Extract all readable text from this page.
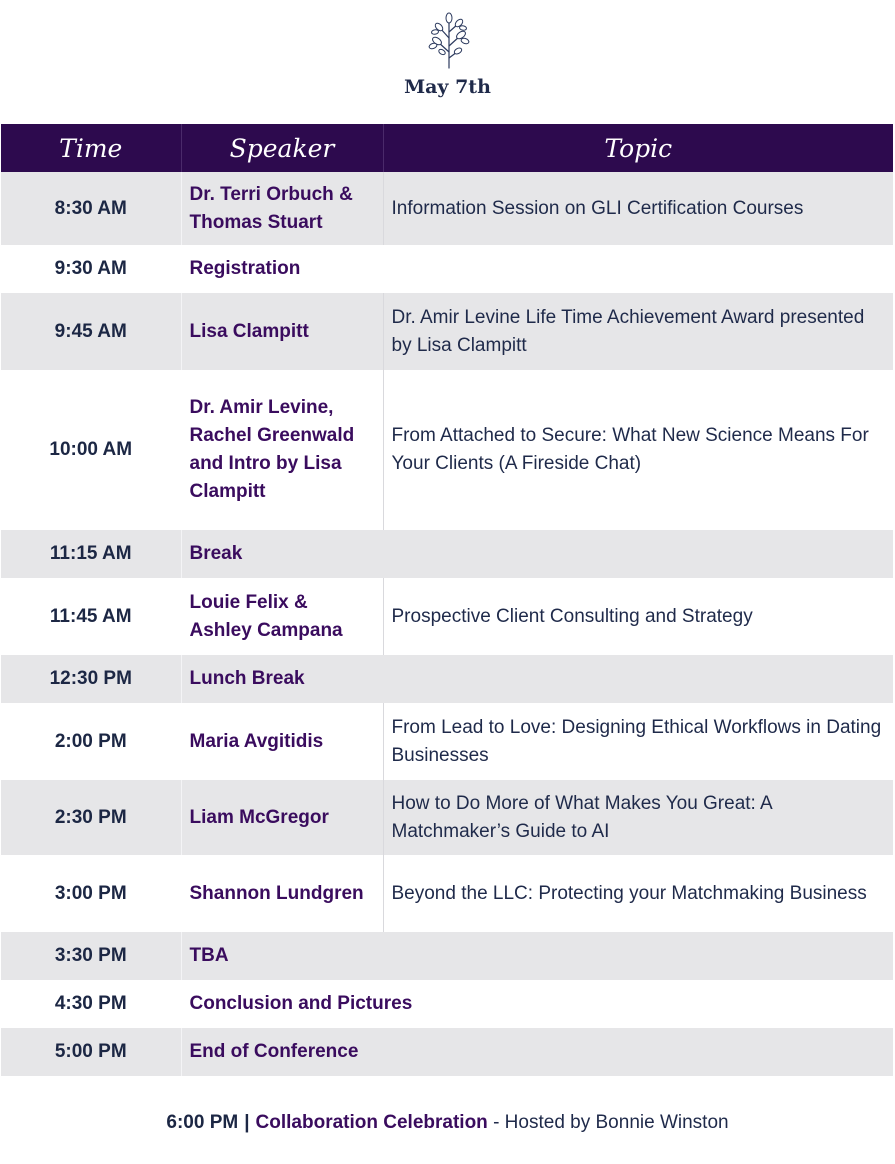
May 7th
Time	Speaker	Topic
8:30 AM	Dr. Terri Orbuch & Thomas Stuart	Information Session on GLI Certification Courses
9:30 AM	Registration	
9:45 AM	Lisa Clampitt	Dr. Amir Levine Life Time Achievement Award presented by Lisa Clampitt
10:00 AM	Dr. Amir Levine, Rachel Greenwald and Intro by Lisa Clampitt	From Attached to Secure: What New Science Means For Your Clients (A Fireside Chat)
11:15 AM	Break	
11:45 AM	Louie Felix & Ashley Campana	Prospective Client Consulting and Strategy
12:30 PM	Lunch Break	
2:00 PM	Maria Avgitidis	From Lead to Love: Designing Ethical Workflows in Dating Businesses
2:30 PM	Liam McGregor	How to Do More of What Makes You Great: A Matchmaker’s Guide to AI
3:00 PM	Shannon Lundgren	Beyond the LLC: Protecting your Matchmaking Business
3:30 PM	TBA	
4:30 PM	Conclusion and Pictures	
5:00 PM	End of Conference	
6:00 PM | Collaboration Celebration - Hosted by Bonnie Winston
